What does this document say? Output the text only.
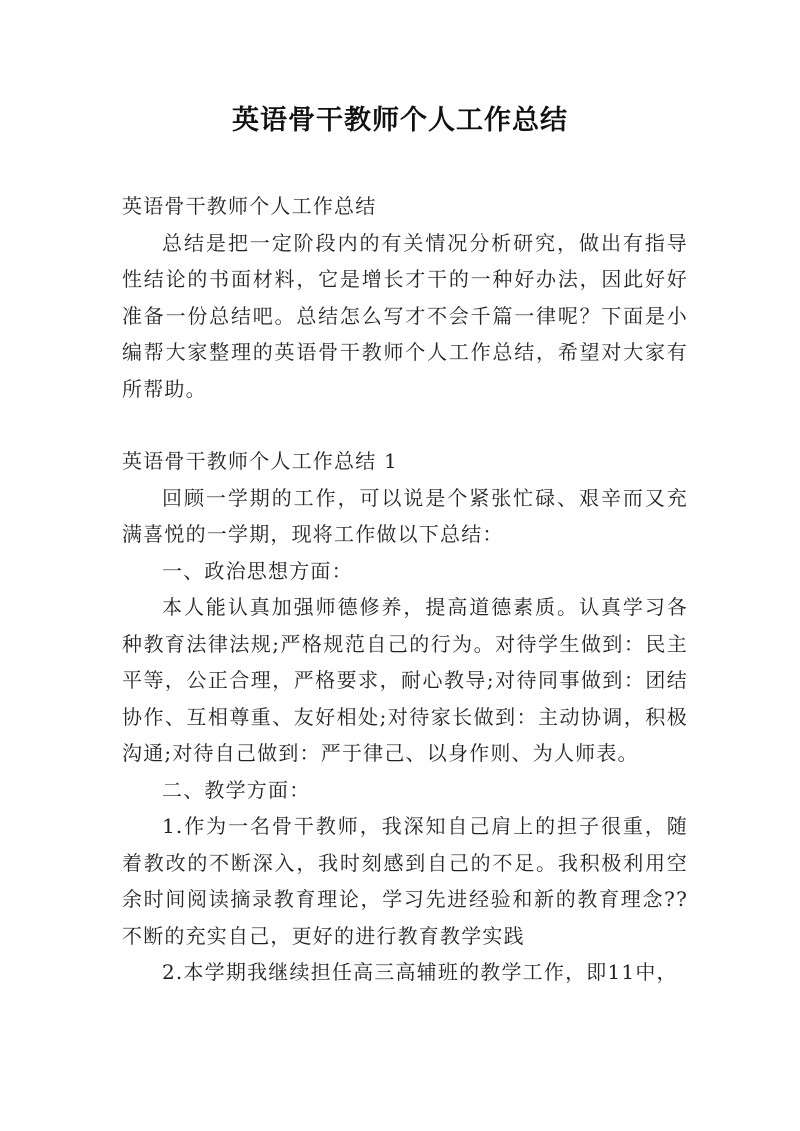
英语骨干教师个人工作总结

英语骨干教师个人工作总结

总结是把一定阶段内的有关情况分析研究，做出有指导性结论的书面材料，它是增长才干的一种好办法，因此好好准备一份总结吧。总结怎么写才不会千篇一律呢？下面是小编帮大家整理的英语骨干教师个人工作总结，希望对大家有所帮助。

英语骨干教师个人工作总结 1

回顾一学期的工作，可以说是个紧张忙碌、艰辛而又充满喜悦的一学期，现将工作做以下总结：

一、政治思想方面：

本人能认真加强师德修养，提高道德素质。认真学习各种教育法律法规;严格规范自己的行为。对待学生做到：民主平等，公正合理，严格要求，耐心教导;对待同事做到：团结协作、互相尊重、友好相处;对待家长做到：主动协调，积极沟通;对待自己做到：严于律己、以身作则、为人师表。

二、教学方面：

1.作为一名骨干教师，我深知自己肩上的担子很重，随着教改的不断深入，我时刻感到自己的不足。我积极利用空余时间阅读摘录教育理论，学习先进经验和新的教育理念??不断的充实自己，更好的进行教育教学实践

2.本学期我继续担任高三高辅班的教学工作，即11中，
